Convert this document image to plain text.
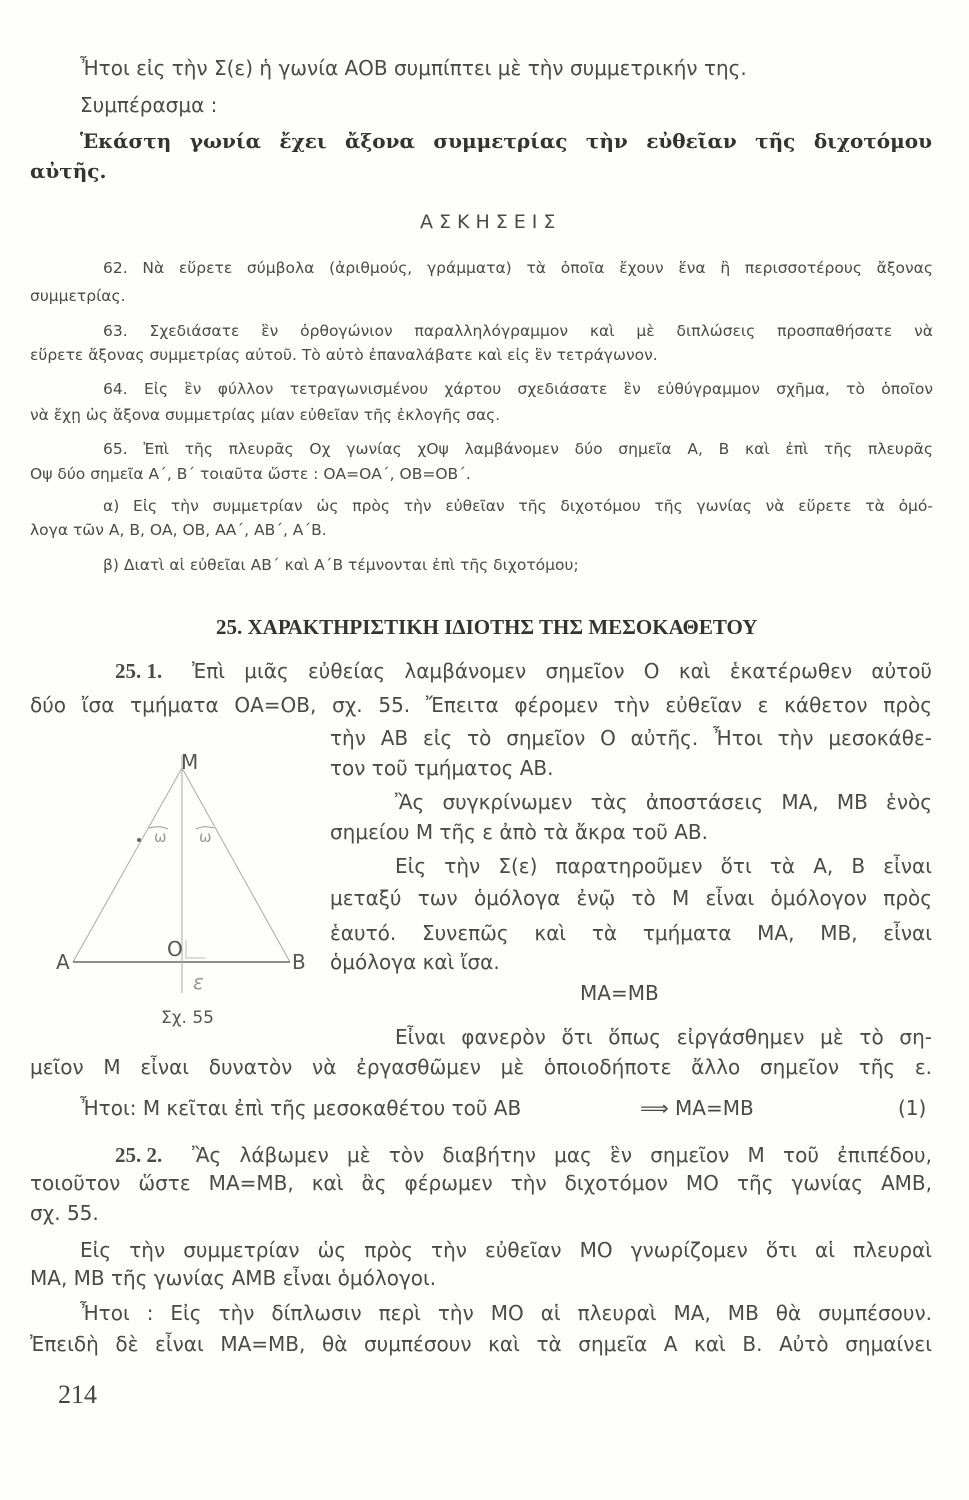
Ἦτοι εἰς τὴν Σ(ε) ἡ γωνία ΑΟΒ συμπίπτει μὲ τὴν συμμετρικήν της.
Συμπέρασμα :
Ἑκάστη γωνία ἔχει ἄξονα συμμετρίας τὴν εὐθεῖαν τῆς διχοτόμου
αὐτῆς.
ΑΣΚΗΣΕΙΣ
62. Νὰ εὕρετε σύμβολα (ἀριθμούς, γράμματα) τὰ ὁποῖα ἔχουν ἕνα ἢ περισσοτέρους ἄξονας
συμμετρίας.
63. Σχεδιάσατε ἓν ὀρθογώνιον παραλληλόγραμμον καὶ μὲ διπλώσεις προσπαθήσατε νὰ
εὕρετε ἄξονας συμμετρίας αὐτοῦ. Τὸ αὐτὸ ἐπαναλάβατε καὶ εἰς ἓν τετράγωνον.
64. Εἰς ἓν φύλλον τετραγωνισμένου χάρτου σχεδιάσατε ἓν εὐθύγραμμον σχῆμα, τὸ ὁποῖον
νὰ ἔχῃ ὡς ἄξονα συμμετρίας μίαν εὐθεῖαν τῆς ἐκλογῆς σας.
65. Ἐπὶ τῆς πλευρᾶς Οχ γωνίας χΟψ λαμβάνομεν δύο σημεῖα Α, Β καὶ ἐπὶ τῆς πλευρᾶς
Οψ δύο σημεῖα Α΄, Β΄ τοιαῦτα ὥστε : ΟΑ=ΟΑ΄, ΟΒ=ΟΒ΄.
α) Εἰς τὴν συμμετρίαν ὡς πρὸς τὴν εὐθεῖαν τῆς διχοτόμου τῆς γωνίας νὰ εὕρετε τὰ ὁμό-
λογα τῶν Α, Β, ΟΑ, ΟΒ, ΑΑ΄, ΑΒ΄, Α΄Β.
β) Διατὶ αἱ εὐθεῖαι ΑΒ΄ καὶ Α΄Β τέμνονται ἐπὶ τῆς διχοτόμου;
25. ΧΑΡΑΚΤΗΡΙΣΤΙΚΗ ΙΔΙΟΤΗΣ ΤΗΣ ΜΕΣΟΚΑΘΕΤΟΥ
25. 1. Ἐπὶ μιᾶς εὐθείας λαμβάνομεν σημεῖον Ο καὶ ἑκατέρωθεν αὐτοῦ
δύο ἴσα τμήματα ΟΑ=ΟΒ, σχ. 55. Ἔπειτα φέρομεν τὴν εὐθεῖαν ε κάθετον πρὸς
τὴν ΑΒ εἰς τὸ σημεῖον Ο αὐτῆς. Ἦτοι τὴν μεσοκάθε-
τον τοῦ τμήματος ΑΒ.
Ἂς συγκρίνωμεν τὰς ἀποστάσεις ΜΑ, ΜΒ ἑνὸς
σημείου Μ τῆς ε ἀπὸ τὰ ἄκρα τοῦ ΑΒ.
Εἰς τὴν Σ(ε) παρατηροῦμεν ὅτι τὰ Α, Β εἶναι
μεταξύ των ὁμόλογα ἐνῷ τὸ Μ εἶναι ὁμόλογον πρὸς
ἑαυτό. Συνεπῶς καὶ τὰ τμήματα ΜΑ, ΜΒ, εἶναι
ὁμόλογα καὶ ἴσα.
ΜΑ=ΜΒ
Εἶναι φανερὸν ὅτι ὅπως εἰργάσθημεν μὲ τὸ ση-
μεῖον Μ εἶναι δυνατὸν νὰ ἐργασθῶμεν μὲ ὁποιοδήποτε ἄλλο σημεῖον τῆς ε.
Ἦτοι: Μ κεῖται ἐπὶ τῆς μεσοκαθέτου τοῦ ΑΒ	⟹ ΜΑ=ΜΒ	(1)
25. 2. Ἂς λάβωμεν μὲ τὸν διαβήτην μας ἓν σημεῖον Μ τοῦ ἐπιπέδου,
τοιοῦτον ὥστε ΜΑ=ΜΒ, καὶ ἂς φέρωμεν τὴν διχοτόμον ΜΟ τῆς γωνίας ΑΜΒ,
σχ. 55.
Εἰς τὴν συμμετρίαν ὡς πρὸς τὴν εὐθεῖαν ΜΟ γνωρίζομεν ὅτι αἱ πλευραὶ
ΜΑ, ΜΒ τῆς γωνίας ΑΜΒ εἶναι ὁμόλογοι.
Ἦτοι : Εἰς τὴν δίπλωσιν περὶ τὴν ΜΟ αἱ πλευραὶ ΜΑ, ΜΒ θὰ συμπέσουν.
Ἐπειδὴ δὲ εἶναι ΜΑ=ΜΒ, θὰ συμπέσουν καὶ τὰ σημεῖα Α καὶ Β. Αὐτὸ σημαίνει
M
A	B
O
ε
ω ω
Σχ. 55
214
